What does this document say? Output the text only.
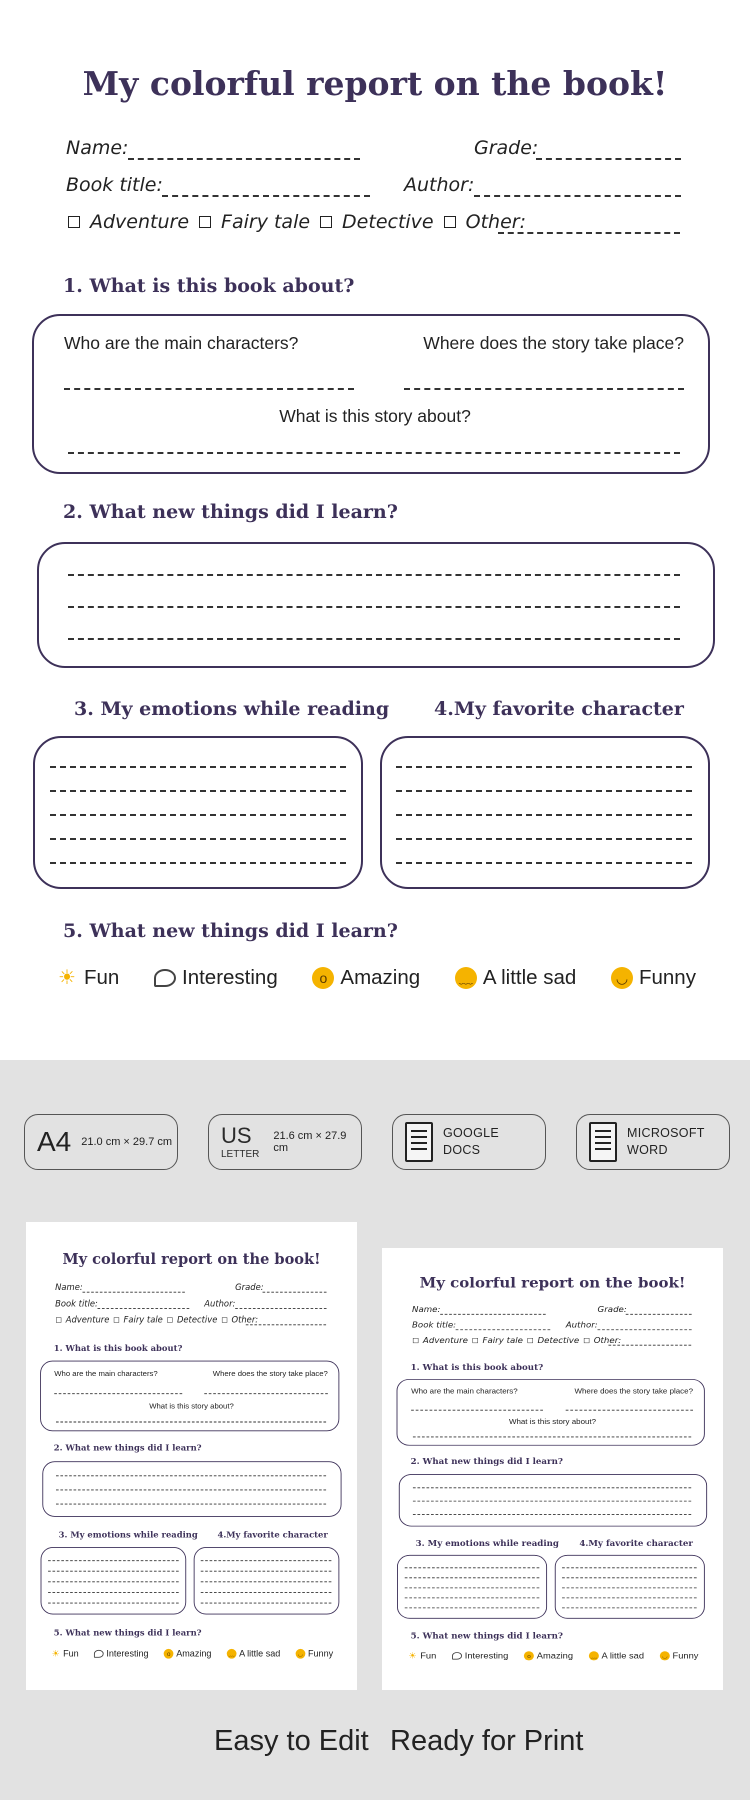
My colorful report on the book!
Name:	Grade:
Book title:	Author:
Adventure Fairy tale Detective Other:
1. What is this book about?
Who are the main characters?	Where does the story take place?
What is this story about?
2. What new things did I learn?
3. My emotions while reading 4.My favorite character
5. What new things did I learn?
☀ Fun	Interesting	o Amazing	﹏ A little sad	◡ Funny
A4 21.0 cm × 29.7 cm US
LETTER
21.6 cm × 27.9 cm
GOOGLE
DOCS
MICROSOFT
WORD
My colorful report on the book!
Name:	Grade:
Book title:	Author:
Adventure Fairy tale Detective Other:
1. What is this book about?
Who are the main characters?	Where does the story take place?
What is this story about?
2. What new things did I learn?
3. My emotions while reading 4.My favorite character
5. What new things did I learn?
☀ Fun Interesting o Amazing ﹏ A little sad ◡ Funny
My colorful report on the book!
Name:	Grade:
Book title:	Author:
Adventure Fairy tale Detective Other:
1. What is this book about?
Who are the main characters?	Where does the story take place?
What is this story about?
2. What new things did I learn?
3. My emotions while reading 4.My favorite character
5. What new things did I learn?
☀ Fun Interesting o Amazing ﹏ A little sad ◡ Funny
Easy to Edit Ready for Print
